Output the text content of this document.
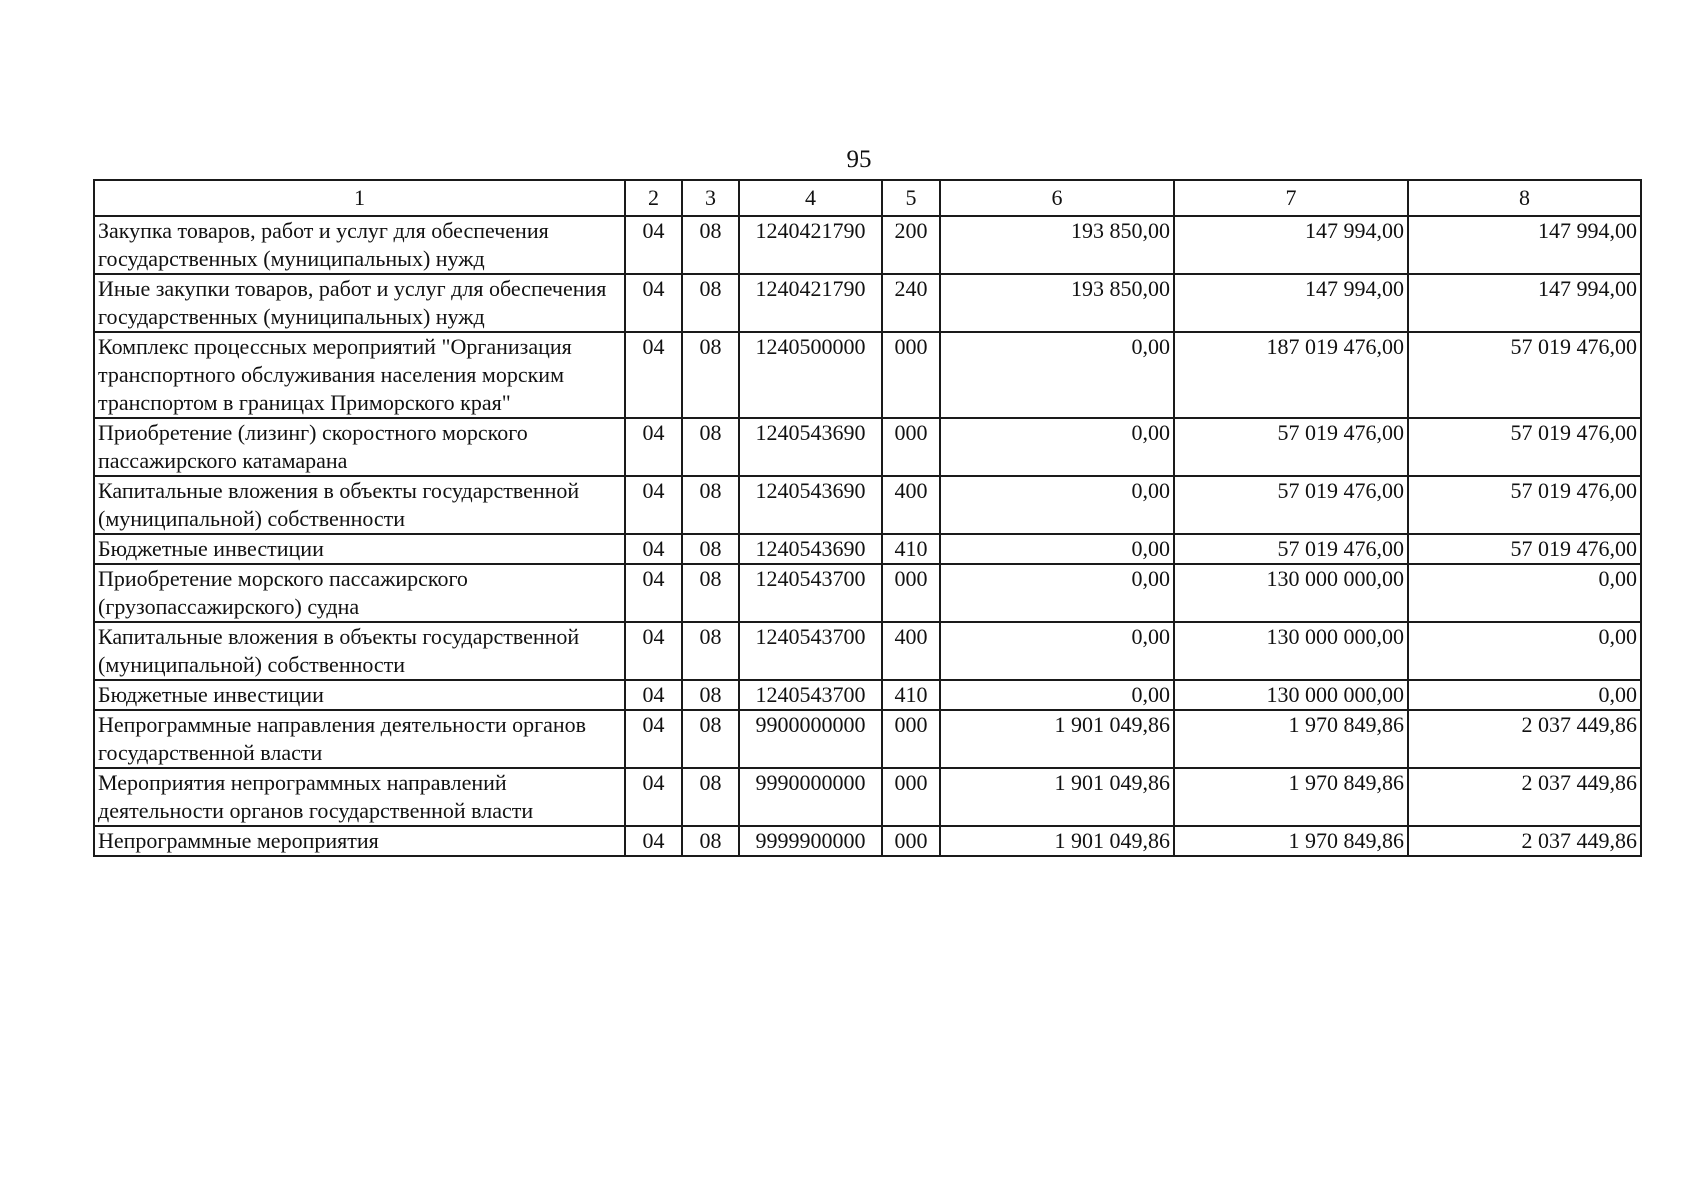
95
1	2	3	4	5	6	7	8
Закупка товаров, работ и услуг для обеспечения государственных (муниципальных) нужд	04	08	1240421790	200	193 850,00	147 994,00	147 994,00
Иные закупки товаров, работ и услуг для обеспечения государственных (муниципальных) нужд	04	08	1240421790	240	193 850,00	147 994,00	147 994,00
Комплекс процессных мероприятий "Организация транспортного обслуживания населения морским транспортом в границах Приморского края"	04	08	1240500000	000	0,00	187 019 476,00	57 019 476,00
Приобретение (лизинг) скоростного морского пассажирского катамарана	04	08	1240543690	000	0,00	57 019 476,00	57 019 476,00
Капитальные вложения в объекты государственной (муниципальной) собственности	04	08	1240543690	400	0,00	57 019 476,00	57 019 476,00
Бюджетные инвестиции	04	08	1240543690	410	0,00	57 019 476,00	57 019 476,00
Приобретение морского пассажирского (грузопассажирского) судна	04	08	1240543700	000	0,00	130 000 000,00	0,00
Капитальные вложения в объекты государственной (муниципальной) собственности	04	08	1240543700	400	0,00	130 000 000,00	0,00
Бюджетные инвестиции	04	08	1240543700	410	0,00	130 000 000,00	0,00
Непрограммные направления деятельности органов государственной власти	04	08	9900000000	000	1 901 049,86	1 970 849,86	2 037 449,86
Мероприятия непрограммных направлений деятельности органов государственной власти	04	08	9990000000	000	1 901 049,86	1 970 849,86	2 037 449,86
Непрограммные мероприятия	04	08	9999900000	000	1 901 049,86	1 970 849,86	2 037 449,86
